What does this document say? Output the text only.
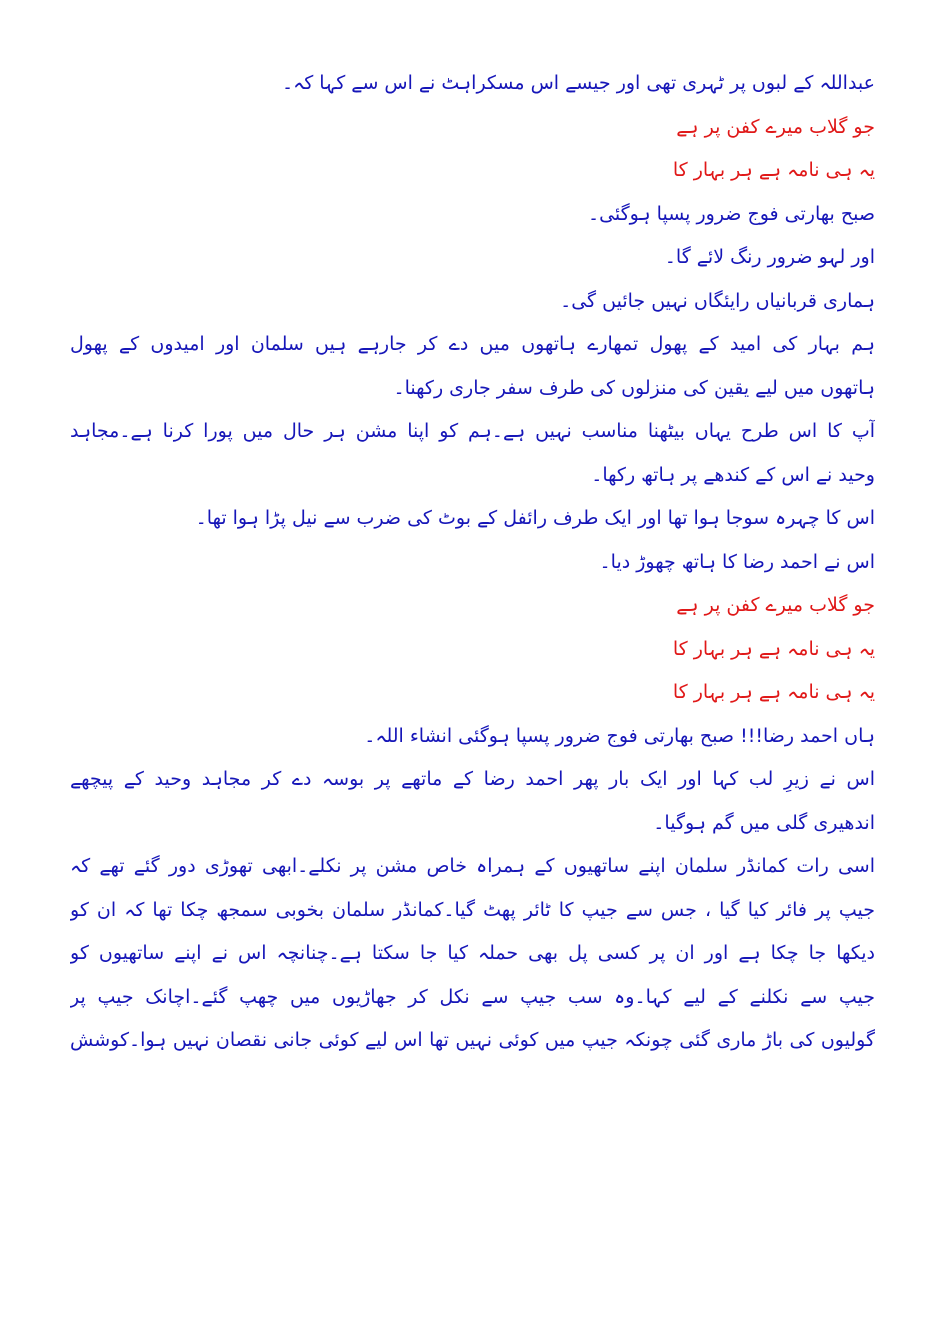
عبداللہ کے لبوں پر ٹہری تھی اور جیسے اس مسکراہٹ نے اس سے کہا کہ۔
جو گلاب میرے کفن پر ہے
یہ ہی نامہ ہے ہر بہار کا
صبح بھارتی فوج ضرور پسپا ہوگئی۔
اور لہو ضرور رنگ لائے گا۔
ہماری قربانیاں رایئگاں نہیں جائیں گی۔
ہم بہار کی امید کے پھول تمھارے ہاتھوں میں دے کر جارہے ہیں سلمان اور امیدوں کے پھول
ہاتھوں میں لیے یقین کی منزلوں کی طرف سفر جاری رکھنا۔
آپ کا اس طرح یہاں بیٹھنا مناسب نہیں ہے۔ہم کو اپنا مشن ہر حال میں پورا کرنا ہے۔مجاہد
وحید نے اس کے کندھے پر ہاتھ رکھا۔
اس کا چہرہ سوجا ہوا تھا اور ایک طرف رائفل کے بوٹ کی ضرب سے نیل پڑا ہوا تھا۔
اس نے احمد رضا کا ہاتھ چھوڑ دیا۔
جو گلاب میرے کفن پر ہے
یہ ہی نامہ ہے ہر بہار کا
یہ ہی نامہ ہے ہر بہار کا
ہاں احمد رضا!!! صبح بھارتی فوج ضرور پسپا ہوگئی انشاء اللہ۔
اس نے زیرِ لب کہا اور ایک بار پھر احمد رضا کے ماتھے پر بوسہ دے کر مجاہد وحید کے پیچھے
اندھیری گلی میں گم ہوگیا۔
اسی رات کمانڈر سلمان اپنے ساتھیوں کے ہمراہ خاص مشن پر نکلے۔ابھی تھوڑی دور گئے تھے کہ
جیپ پر فائر کیا گیا ، جس سے جیپ کا ٹائر پھٹ گیا۔کمانڈر سلمان بخوبی سمجھ چکا تھا کہ ان کو
دیکھا جا چکا ہے اور ان پر کسی پل بھی حملہ کیا جا سکتا ہے۔چنانچہ اس نے اپنے ساتھیوں کو
جیپ سے نکلنے کے لیے کہا۔وہ سب جیپ سے نکل کر جھاڑیوں میں چھپ گئے۔اچانک جیپ پر
گولیوں کی باڑ ماری گئی چونکہ جیپ میں کوئی نہیں تھا اس لیے کوئی جانی نقصان نہیں ہوا۔کوشش
